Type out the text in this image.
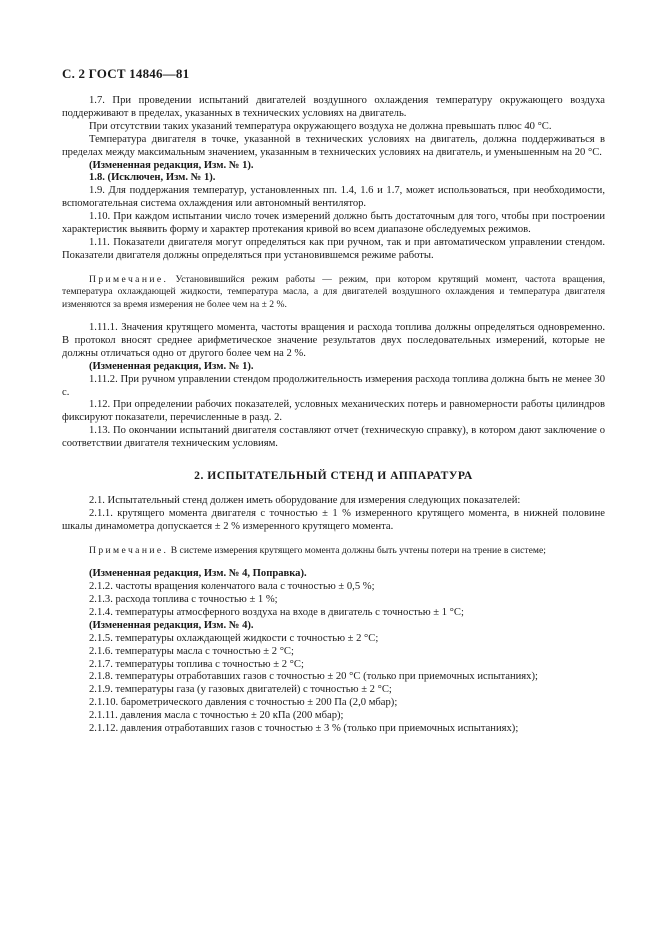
С. 2 ГОСТ 14846—81

1.7. При проведении испытаний двигателей воздушного охлаждения температуру окружающего воздуха поддерживают в пределах, указанных в технических условиях на двигатель.

При отсутствии таких указаний температура окружающего воздуха не должна превышать плюс 40 °С.

Температура двигателя в точке, указанной в технических условиях на двигатель, должна поддерживаться в пределах между максимальным значением, указанным в технических условиях на двигатель, и уменьшенным на 20 °С.

(Измененная редакция, Изм. № 1).

1.8. (Исключен, Изм. № 1).

1.9. Для поддержания температур, установленных пп. 1.4, 1.6 и 1.7, может использоваться, при необходимости, вспомогательная система охлаждения или автономный вентилятор.

1.10. При каждом испытании число точек измерений должно быть достаточным для того, чтобы при построении характеристик выявить форму и характер протекания кривой во всем диапазоне обследуемых режимов.

1.11. Показатели двигателя могут определяться как при ручном, так и при автоматическом управлении стендом. Показатели двигателя должны определяться при установившемся режиме работы.

Примечание. Установившийся режим работы — режим, при котором крутящий момент, частота вращения, температура охлаждающей жидкости, температура масла, а для двигателей воздушного охлаждения и температура двигателя изменяются за время измерения не более чем на ± 2 %.

1.11.1. Значения крутящего момента, частоты вращения и расхода топлива должны определяться одновременно. В протокол вносят среднее арифметическое значение результатов двух последовательных измерений, которые не должны отличаться одно от другого более чем на 2 %.

(Измененная редакция, Изм. № 1).

1.11.2. При ручном управлении стендом продолжительность измерения расхода топлива должна быть не менее 30 с.

1.12. При определении рабочих показателей, условных механических потерь и равномерности работы цилиндров фиксируют показатели, перечисленные в разд. 2.

1.13. По окончании испытаний двигателя составляют отчет (техническую справку), в котором дают заключение о соответствии двигателя техническим условиям.

2. ИСПЫТАТЕЛЬНЫЙ СТЕНД И АППАРАТУРА

2.1. Испытательный стенд должен иметь оборудование для измерения следующих показателей:

2.1.1. крутящего момента двигателя с точностью ± 1 % измеренного крутящего момента, в нижней половине шкалы динамометра допускается ± 2 % измеренного крутящего момента.

Примечание. В системе измерения крутящего момента должны быть учтены потери на трение в системе;

(Измененная редакция, Изм. № 4, Поправка).

2.1.2. частоты вращения коленчатого вала с точностью ± 0,5 %;

2.1.3. расхода топлива с точностью ± 1 %;

2.1.4. температуры атмосферного воздуха на входе в двигатель с точностью ± 1 °С;

(Измененная редакция, Изм. № 4).

2.1.5. температуры охлаждающей жидкости с точностью ± 2 °С;

2.1.6. температуры масла с точностью ± 2 °С;

2.1.7. температуры топлива с точностью ± 2 °С;

2.1.8. температуры отработавших газов с точностью ± 20 °С (только при приемочных испытаниях);

2.1.9. температуры газа (у газовых двигателей) с точностью ± 2 °С;

2.1.10. барометрического давления с точностью ± 200 Па (2,0 мбар);

2.1.11. давления масла с точностью ± 20 кПа (200 мбар);

2.1.12. давления отработавших газов с точностью ± 3 % (только при приемочных испытаниях);
